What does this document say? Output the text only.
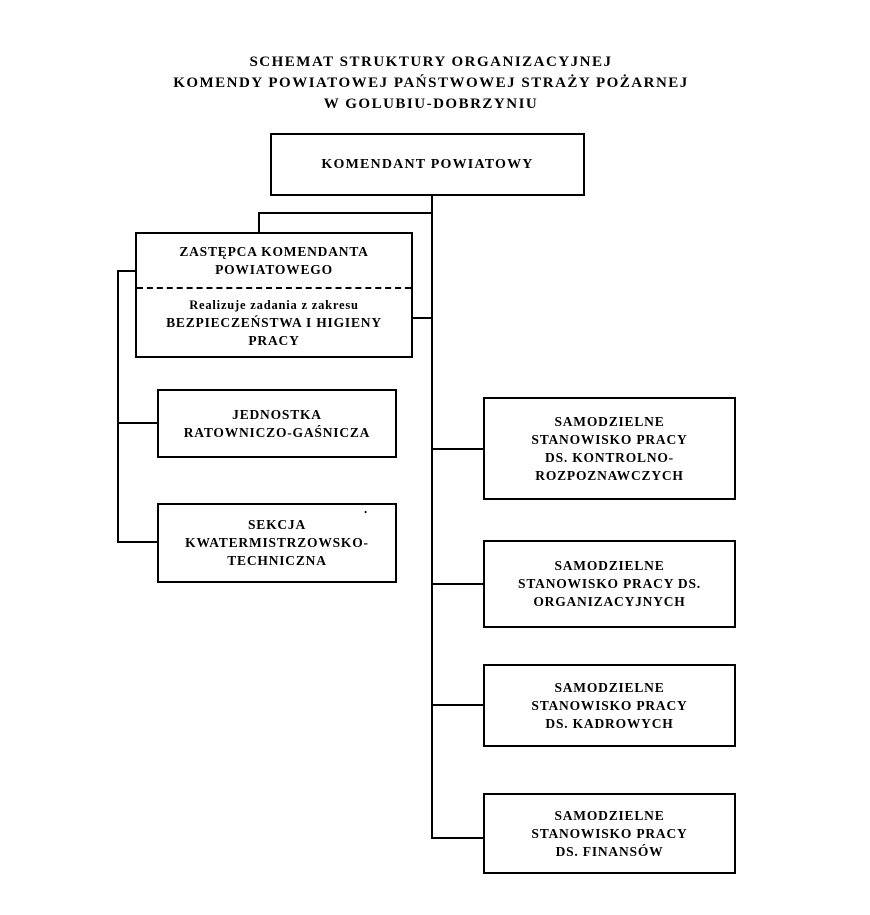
SCHEMAT STRUKTURY ORGANIZACYJNEJ
KOMENDY POWIATOWEJ PAŃSTWOWEJ STRAŻY POŻARNEJ
W GOLUBIU-DOBRZYNIU
KOMENDANT POWIATOWY
ZASTĘPCA KOMENDANTA
POWIATOWEGO
Realizuje zadania z zakresu
BEZPIECZEŃSTWA I HIGIENY
PRACY
JEDNOSTKA
RATOWNICZO-GAŚNICZA
.
SEKCJA
KWATERMISTRZOWSKO-
TECHNICZNA
SAMODZIELNE
STANOWISKO PRACY
DS. KONTROLNO-
ROZPOZNAWCZYCH
SAMODZIELNE
STANOWISKO PRACY DS.
ORGANIZACYJNYCH
SAMODZIELNE
STANOWISKO PRACY
DS. KADROWYCH
SAMODZIELNE
STANOWISKO PRACY
DS. FINANSÓW
